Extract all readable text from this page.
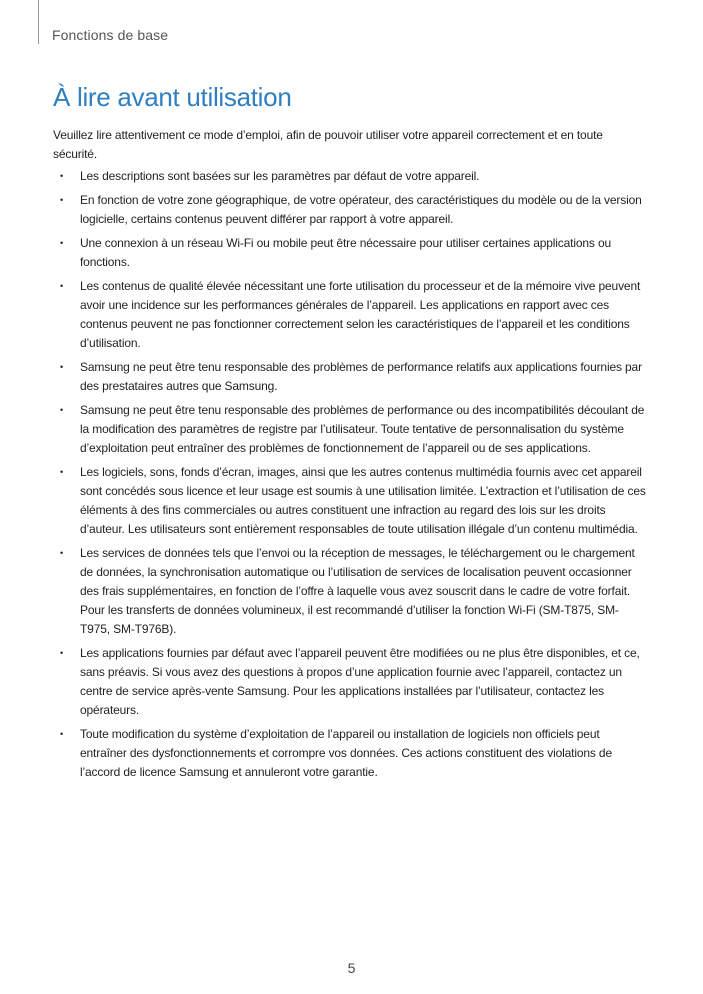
Fonctions de base
À lire avant utilisation

Veuillez lire attentivement ce mode d’emploi, afin de pouvoir utiliser votre appareil correctement et en toute sécurité.

• Les descriptions sont basées sur les paramètres par défaut de votre appareil.
• En fonction de votre zone géographique, de votre opérateur, des caractéristiques du modèle ou de la version logicielle, certains contenus peuvent différer par rapport à votre appareil.
• Une connexion à un réseau Wi-Fi ou mobile peut être nécessaire pour utiliser certaines applications ou fonctions.
• Les contenus de qualité élevée nécessitant une forte utilisation du processeur et de la mémoire vive peuvent avoir une incidence sur les performances générales de l’appareil. Les applications en rapport avec ces contenus peuvent ne pas fonctionner correctement selon les caractéristiques de l’appareil et les conditions d’utilisation.
• Samsung ne peut être tenu responsable des problèmes de performance relatifs aux applications fournies par des prestataires autres que Samsung.
• Samsung ne peut être tenu responsable des problèmes de performance ou des incompatibilités découlant de la modification des paramètres de registre par l’utilisateur. Toute tentative de personnalisation du système d’exploitation peut entraîner des problèmes de fonctionnement de l’appareil ou de ses applications.
• Les logiciels, sons, fonds d’écran, images, ainsi que les autres contenus multimédia fournis avec cet appareil sont concédés sous licence et leur usage est soumis à une utilisation limitée. L’extraction et l’utilisation de ces éléments à des fins commerciales ou autres constituent une infraction au regard des lois sur les droits d’auteur. Les utilisateurs sont entièrement responsables de toute utilisation illégale d’un contenu multimédia.
• Les services de données tels que l’envoi ou la réception de messages, le téléchargement ou le chargement de données, la synchronisation automatique ou l’utilisation de services de localisation peuvent occasionner des frais supplémentaires, en fonction de l’offre à laquelle vous avez souscrit dans le cadre de votre forfait. Pour les transferts de données volumineux, il est recommandé d’utiliser la fonction Wi-Fi (SM-T875, SM-T975, SM-T976B).
• Les applications fournies par défaut avec l’appareil peuvent être modifiées ou ne plus être disponibles, et ce, sans préavis. Si vous avez des questions à propos d’une application fournie avec l’appareil, contactez un centre de service après-vente Samsung. Pour les applications installées par l’utilisateur, contactez les opérateurs.
• Toute modification du système d’exploitation de l’appareil ou installation de logiciels non officiels peut entraîner des dysfonctionnements et corrompre vos données. Ces actions constituent des violations de l’accord de licence Samsung et annuleront votre garantie.
5
